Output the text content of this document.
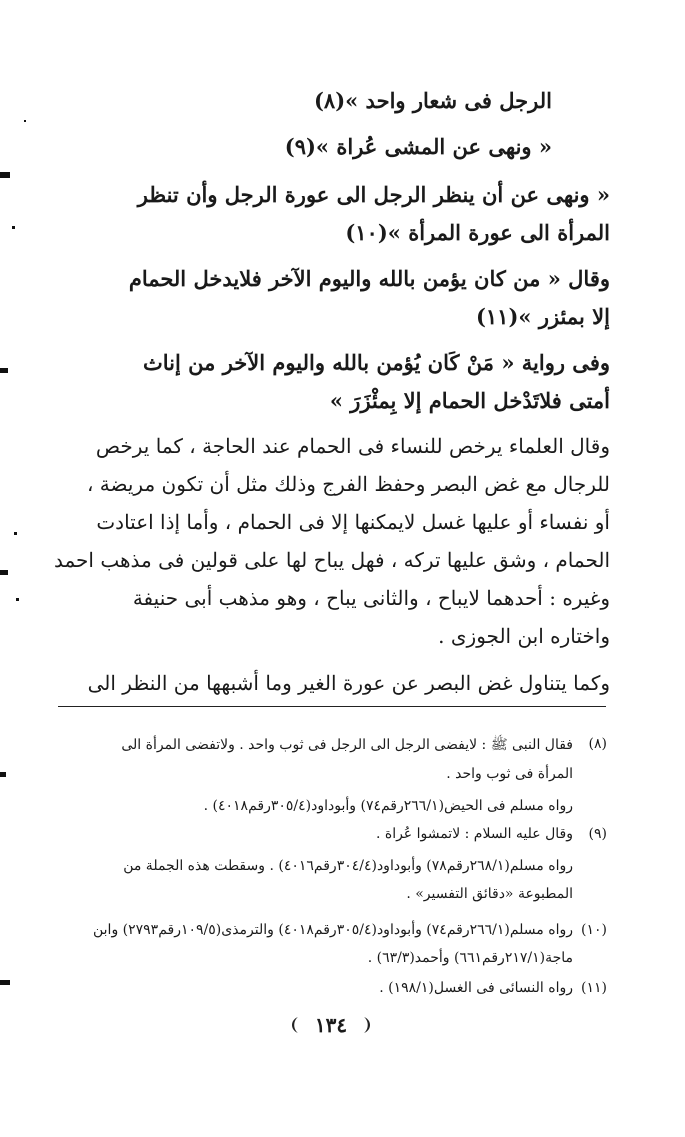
الرجل فى شعار واحد »(٨)
« ونهى عن المشى عُراة »(٩)
« ونهى عن أن ينظر الرجل الى عورة الرجل وأن تنظر
المرأة الى عورة المرأة »(١٠)
وقال « من كان يؤمن بالله واليوم الآخر فلايدخل الحمام
إلا بمئزر »(١١)
وفى رواية « مَنْ كَان يُؤمن بالله واليوم الآخر من إناث
أمتى فلاتَدْخل الحمام إلا بِمئْزَرَ »
وقال العلماء يرخص للنساء فى الحمام عند الحاجة ، كما يرخص
للرجال مع غض البصر وحفظ الفرج وذلك مثل أن تكون مريضة ،
أو نفساء أو عليها غسل لايمكنها إلا فى الحمام ، وأما إذا اعتادت
الحمام ، وشق عليها تركه ، فهل يباح لها على قولين فى مذهب احمد
وغيره : أحدهما لايباح ، والثانى يباح ، وهو مذهب أبى حنيفة
واختاره ابن الجوزى .
وكما يتناول غض البصر عن عورة الغير وما أشبهها من النظر الى
(٨)
فقال النبى ﷺ : لايفضى الرجل الى الرجل فى ثوب واحد . ولاتفضى المرأة الى
المرأة فى ثوب واحد .
رواه مسلم فى الحيض(٢٦٦/١رقم٧٤) وأبوداود(٣٠٥/٤رقم٤٠١٨) .
(٩)
وقال عليه السلام : لاتمشوا عُراة .
رواه مسلم(٢٦٨/١رقم٧٨) وأبوداود(٣٠٤/٤رقم٤٠١٦) . وسقطت هذه الجملة من
المطبوعة «دقائق التفسير» .
(١٠)
رواه مسلم(٢٦٦/١رقم٧٤) وأبوداود(٣٠٥/٤رقم٤٠١٨) والترمذى(١٠٩/٥رقم٢٧٩٣) وابن
ماجة(٢١٧/١رقم٦٦١) وأحمد(٦٣/٣) .
(١١)
رواه النسائى فى الغسل(١٩٨/١) .
١٣٤
